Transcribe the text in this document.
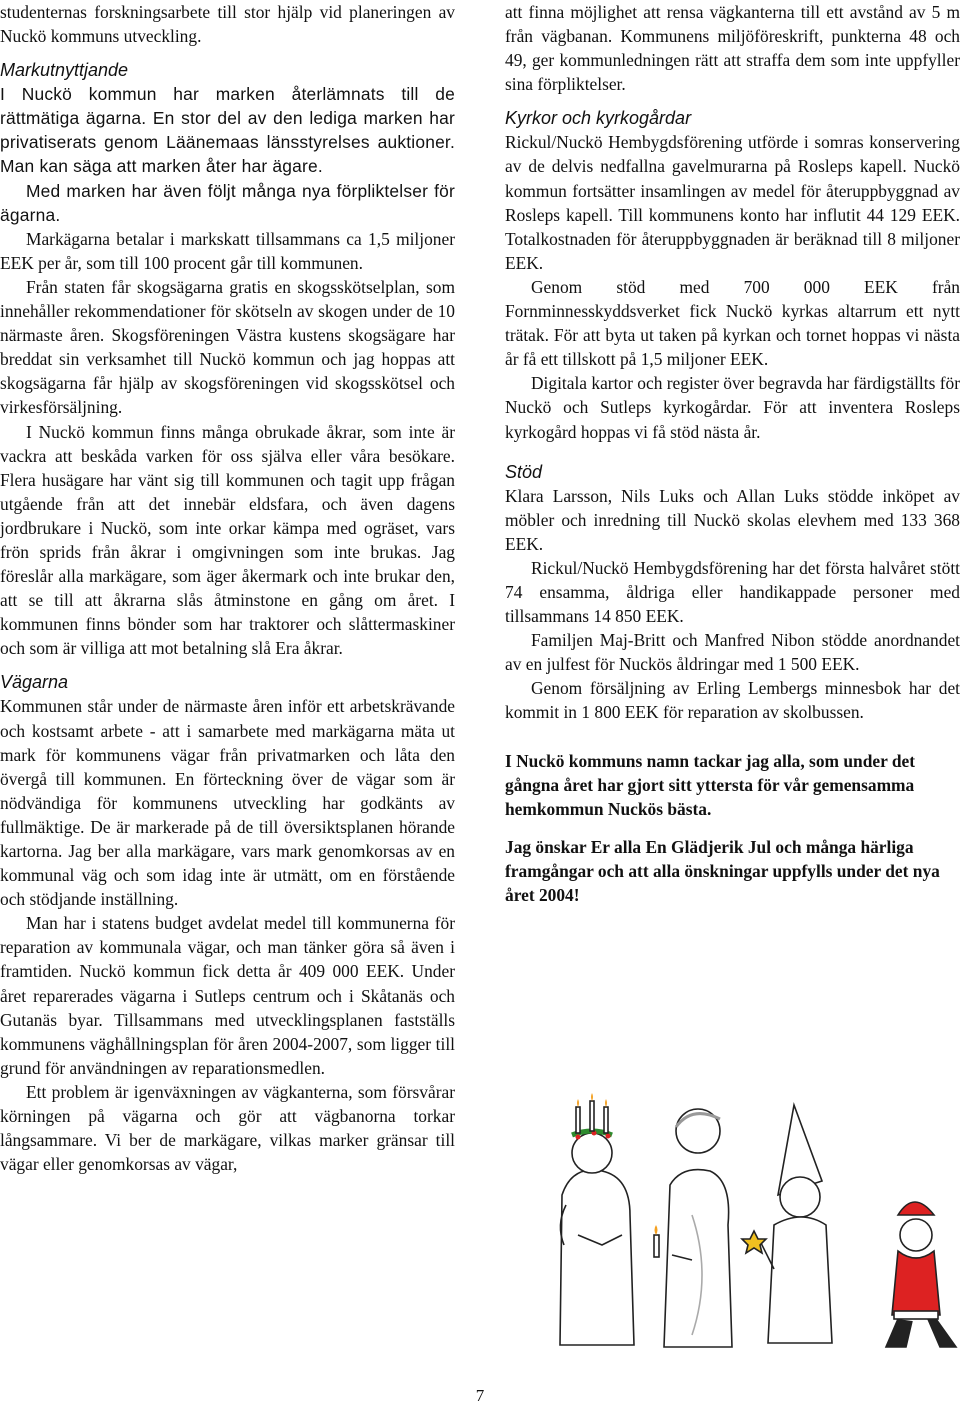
studenternas forskningsarbete till stor hjälp vid planeringen av Nuckö kommuns utveckling.

Markutnyttjande

I Nuckö kommun har marken återlämnats till de rättmätiga ägarna. En stor del av den lediga marken har privatiserats genom Läänemaas länsstyrelses auktioner. Man kan säga att marken åter har ägare.

Med marken har även följt många nya förpliktelser för ägarna.

Markägarna betalar i markskatt tillsammans ca 1,5 miljoner EEK per år, som till 100 procent går till kommunen.

Från staten får skogsägarna gratis en skogsskötselplan, som innehåller rekommendationer för skötseln av skogen under de 10 närmaste åren. Skogsföreningen Västra kustens skogsägare har breddat sin verksamhet till Nuckö kommun och jag hoppas att skogsägarna får hjälp av skogsföreningen vid skogsskötsel och virkesförsäljning.

I Nuckö kommun finns många obrukade åkrar, som inte är vackra att beskåda varken för oss själva eller våra besökare. Flera husägare har vänt sig till kommunen och tagit upp frågan utgående från att det innebär eldsfara, och även dagens jordbrukare i Nuckö, som inte orkar kämpa med ogräset, vars frön sprids från åkrar i omgivningen som inte brukas. Jag föreslår alla markägare, som äger åkermark och inte brukar den, att se till att åkrarna slås åtminstone en gång om året. I kommunen finns bönder som har traktorer och slåttermaskiner och som är villiga att mot betalning slå Era åkrar.

Vägarna

Kommunen står under de närmaste åren inför ett arbetskrävande och kostsamt arbete - att i samarbete med markägarna mäta ut mark för kommunens vägar från privatmarken och låta den övergå till kommunen. En förteckning över de vägar som är nödvändiga för kommunens utveckling har godkänts av fullmäktige. De är markerade på de till översiktsplanen hörande kartorna. Jag ber alla markägare, vars mark genomkorsas av en kommunal väg och som idag inte är utmätt, om en förstående och stödjande inställning.

Man har i statens budget avdelat medel till kommunerna för reparation av kommunala vägar, och man tänker göra så även i framtiden. Nuckö kommun fick detta år 409 000 EEK. Under året reparerades vägarna i Sutleps centrum och i Skåtanäs och Gutanäs byar. Tillsammans med utvecklingsplanen fastställs kommunens väghållningsplan för åren 2004-2007, som ligger till grund för användningen av reparationsmedlen.

Ett problem är igenväxningen av vägkanterna, som försvårar körningen på vägarna och gör att vägbanorna torkar långsammare. Vi ber de markägare, vilkas marker gränsar till vägar eller genomkorsas av vägar,

att finna möjlighet att rensa vägkanterna till ett avstånd av 5 m från vägbanan. Kommunens miljöföreskrift, punkterna 48 och 49, ger kommunledningen rätt att straffa dem som inte uppfyller sina förpliktelser.

Kyrkor och kyrkogårdar

Rickul/Nuckö Hembygdsförening utförde i somras konservering av de delvis nedfallna gavelmurarna på Rosleps kapell. Nuckö kommun fortsätter insamlingen av medel för återuppbyggnad av Rosleps kapell. Till kommunens konto har influtit 44 129 EEK. Totalkostnaden för återuppbyggnaden är beräknad till 8 miljoner EEK.

Genom stöd med 700 000 EEK från Fornminnesskyddsverket fick Nuckö kyrkas altarrum ett nytt trätak. För att byta ut taken på kyrkan och tornet hoppas vi nästa år få ett tillskott på 1,5 miljoner EEK.

Digitala kartor och register över begravda har färdigställts för Nuckö och Sutleps kyrkogårdar. För att inventera Rosleps kyrkogård hoppas vi få stöd nästa år.

Stöd

Klara Larsson, Nils Luks och Allan Luks stödde inköpet av möbler och inredning till Nuckö skolas elevhem med 133 368 EEK.

Rickul/Nuckö Hembygdsförening har det första halvåret stött 74 ensamma, åldriga eller handikappade personer med tillsammans 14 850 EEK.

Familjen Maj-Britt och Manfred Nibon stödde anordnandet av en julfest för Nuckös åldringar med 1 500 EEK.

Genom försäljning av Erling Lembergs minnesbok har det kommit in 1 800 EEK för reparation av skolbussen.

I Nuckö kommuns namn tackar jag alla, som under det gångna året har gjort sitt yttersta för vår gemensamma hemkommun Nuckös bästa.

Jag önskar Er alla En Glädjerik Jul och många härliga framgångar och att alla önskningar uppfylls under det nya året 2004!

7
